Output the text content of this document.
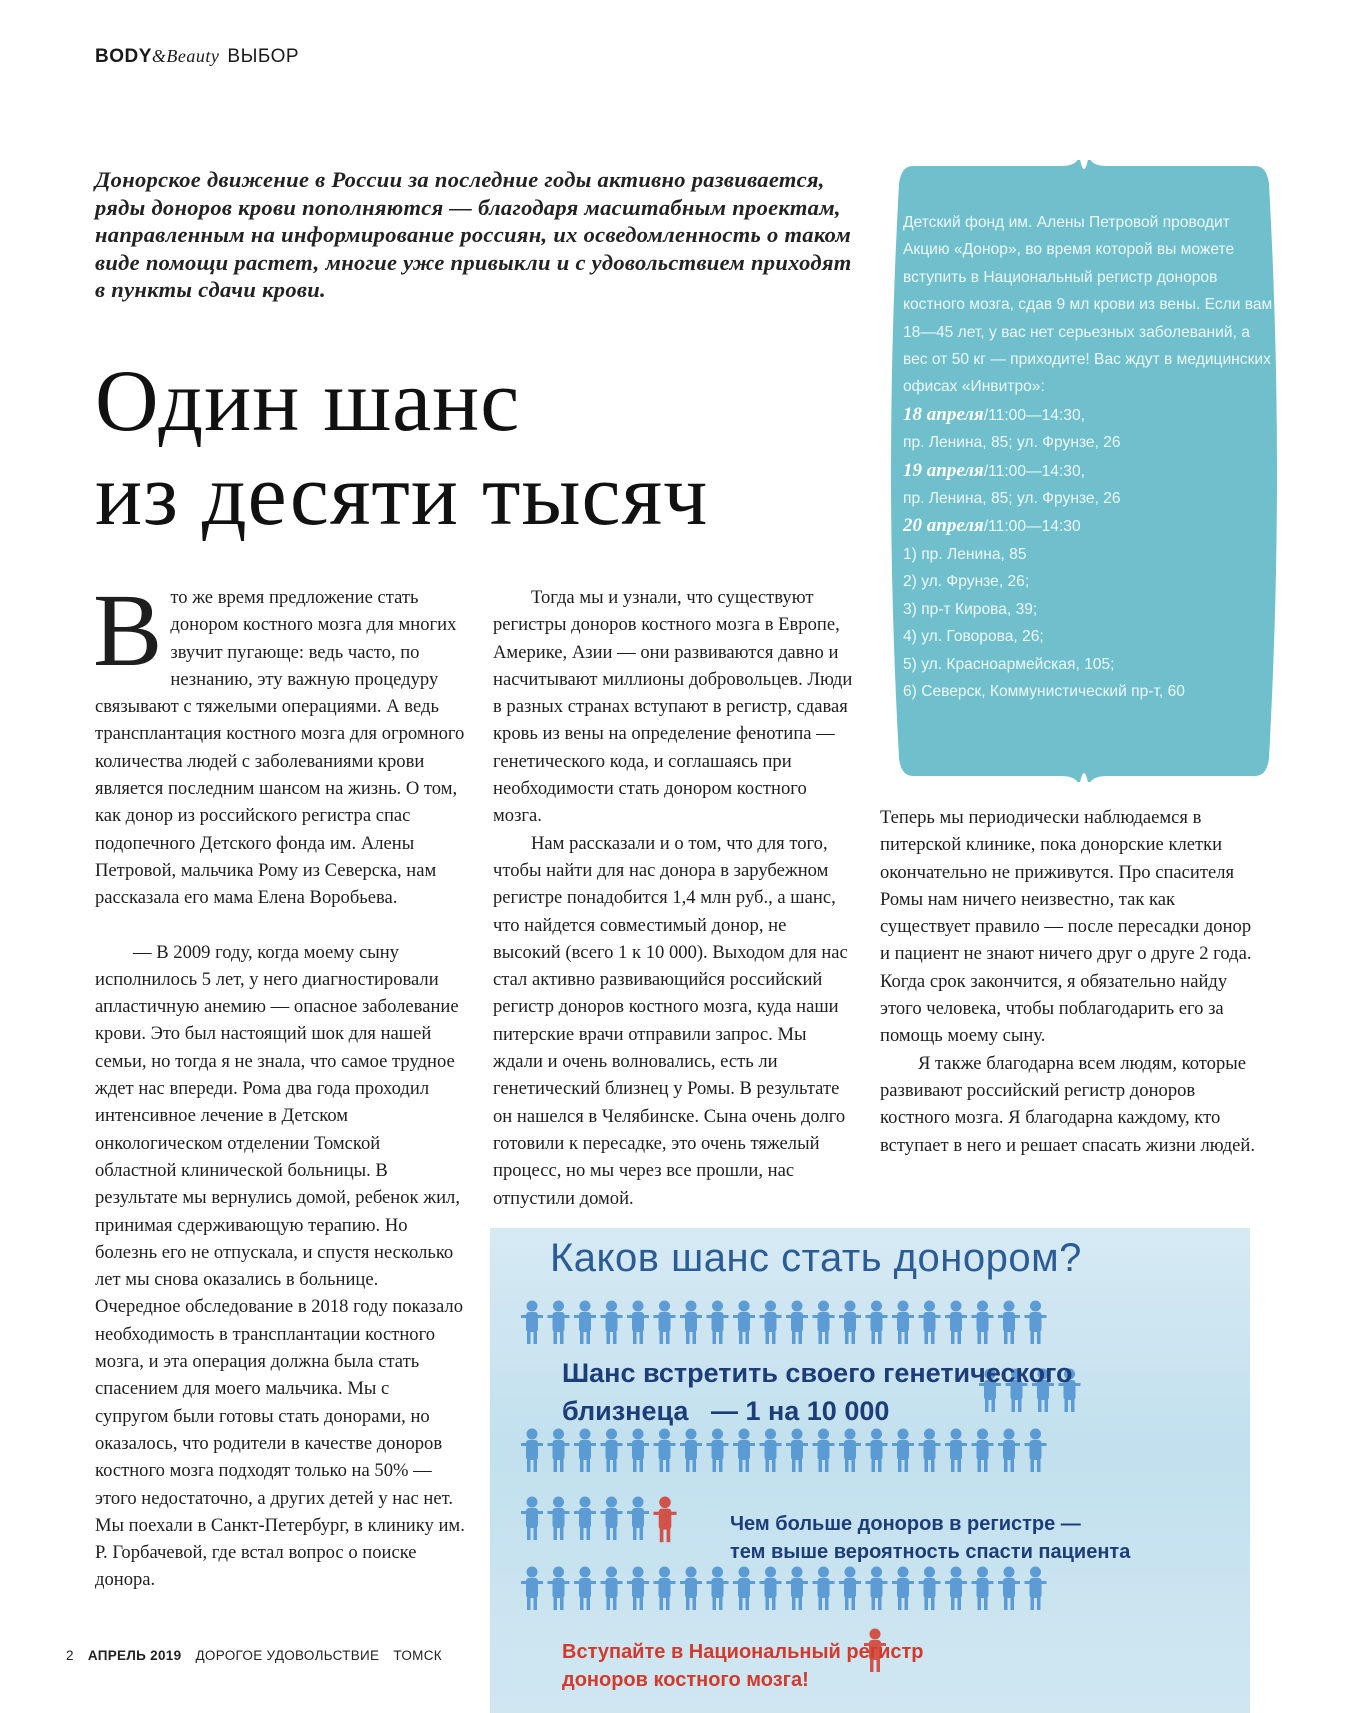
BODY&Beauty ВЫБОР
Донорское движение в России за последние годы активно развивается, ряды доноров крови пополняются — благодаря масштабным проектам, направленным на информирование россиян, их осведомленность о таком виде помощи растет, многие уже привыкли и с удовольствием приходят в пункты сдачи крови.
Один шанс
из десяти тысяч

Вто же время предложение стать донором костного мозга для многих звучит пугающе: ведь часто, по незнанию, эту важную процедуру связывают с тяжелыми операциями. А ведь трансплантация костного мозга для огромного количества людей с заболеваниями крови является последним шансом на жизнь. О том, как донор из российского регистра спас подопечного Детского фонда им. Алены Петровой, мальчика Рому из Северска, нам рассказала его мама Елена Воробьева.

— В 2009 году, когда моему сыну исполнилось 5 лет, у него диагностировали апластичную анемию — опасное заболевание крови. Это был настоящий шок для нашей семьи, но тогда я не знала, что самое трудное ждет нас впереди. Рома два года проходил интенсивное лечение в Детском онкологическом отделении Томской областной клинической больницы. В результате мы вернулись домой, ребенок жил, принимая сдерживающую терапию. Но болезнь его не отпускала, и спустя несколько лет мы снова оказались в больнице. Очередное обследование в 2018 году показало необходимость в трансплантации костного мозга, и эта операция должна была стать спасением для моего мальчика. Мы с супругом были готовы стать донорами, но оказалось, что родители в качестве доноров костного мозга подходят только на 50% — этого недостаточно, а других детей у нас нет. Мы поехали в Санкт-Петербург, в клинику им. Р. Горбачевой, где встал вопрос о поиске донора.

Тогда мы и узнали, что существуют регистры доноров костного мозга в Европе, Америке, Азии — они развиваются давно и насчитывают миллионы добровольцев. Люди в разных странах вступают в регистр, сдавая кровь из вены на определение фенотипа — генетического кода, и соглашаясь при необходимости стать донором костного мозга.

Нам рассказали и о том, что для того, чтобы найти для нас донора в зарубежном регистре понадобится 1,4 млн руб., а шанс, что найдется совместимый донор, не высокий (всего 1 к 10 000). Выходом для нас стал активно развивающийся российский регистр доноров костного мозга, куда наши питерские врачи отправили запрос. Мы ждали и очень волновались, есть ли генетический близнец у Ромы. В результате он нашелся в Челябинске. Сына очень долго готовили к пересадке, это очень тяжелый процесс, но мы через все прошли, нас отпустили домой.

Теперь мы периодически наблюдаемся в питерской клинике, пока донорские клетки окончательно не приживутся. Про спасителя Ромы нам ничего неизвестно, так как существует правило — после пересадки донор и пациент не знают ничего друг о друге 2 года. Когда срок закончится, я обязательно найду этого человека, чтобы поблагодарить его за помощь моему сыну.

Я также благодарна всем людям, которые развивают российский регистр доноров костного мозга. Я благодарна каждому, кто вступает в него и решает спасать жизни людей.

Детский фонд им. Алены Петровой проводит Акцию «Донор», во время которой вы можете вступить в Национальный регистр доноров костного мозга, сдав 9 мл крови из вены. Если вам 18—45 лет, у вас нет серьезных заболеваний, а вес от 50 кг — приходите! Вас ждут в медицинских офисах «Инвитро»:
18 апреля/11:00—14:30,
пр. Ленина, 85; ул. Фрунзе, 26
19 апреля/11:00—14:30,
пр. Ленина, 85; ул. Фрунзе, 26
20 апреля/11:00—14:30
1) пр. Ленина, 85
2) ул. Фрунзе, 26;
3) пр-т Кирова, 39;
4) ул. Говорова, 26;
5) ул. Красноармейская, 105;
6) Северск, Коммунистический пр-т, 60
Каков шанс стать донором?
Шанс встретить своего генетического
близнеца   — 1 на 10 000
Чем больше доноров в регистре —
тем выше вероятность спасти пациента
Вступайте в Национальный регистр
доноров костного мозга!
2 АПРЕЛЬ 2019 ДОРОГОЕ УДОВОЛЬСТВИЕ ТОМСК
